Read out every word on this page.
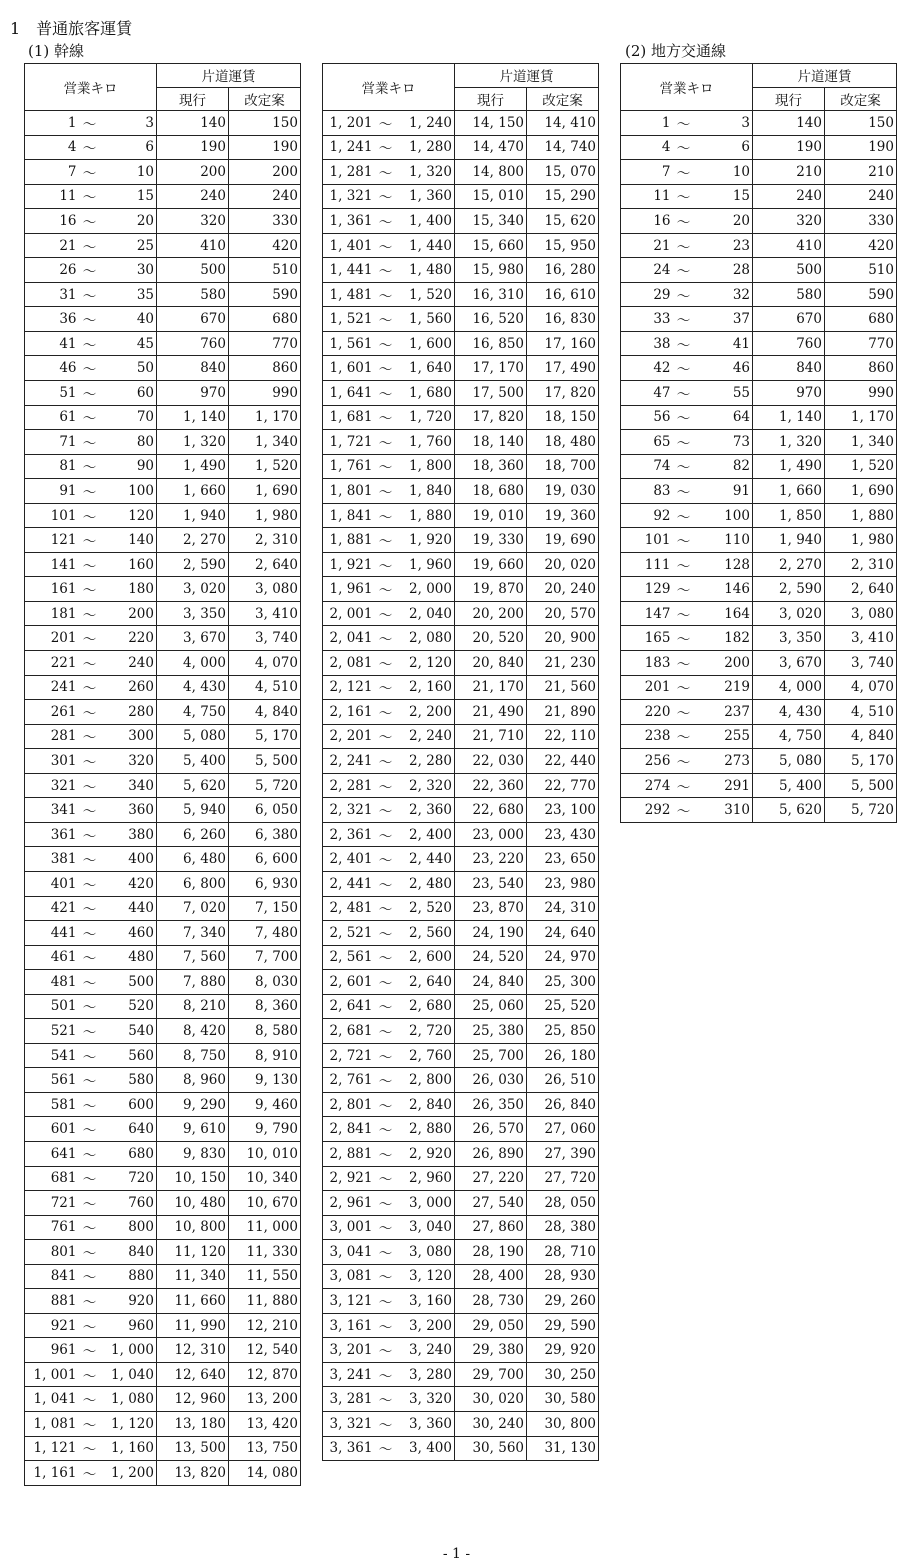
1　普通旅客運賃
(1) 幹線	(2) 地方交通線
営業キロ			片道運賃	
			現行	改定案
1	〜	3	140	150
4	〜	6	190	190
7	〜	10	200	200
11	〜	15	240	240
16	〜	20	320	330
21	〜	25	410	420
26	〜	30	500	510
31	〜	35	580	590
36	〜	40	670	680
41	〜	45	760	770
46	〜	50	840	860
51	〜	60	970	990
61	〜	70	1, 140	1, 170
71	〜	80	1, 320	1, 340
81	〜	90	1, 490	1, 520
91	〜	100	1, 660	1, 690
101	〜	120	1, 940	1, 980
121	〜	140	2, 270	2, 310
141	〜	160	2, 590	2, 640
161	〜	180	3, 020	3, 080
181	〜	200	3, 350	3, 410
201	〜	220	3, 670	3, 740
221	〜	240	4, 000	4, 070
241	〜	260	4, 430	4, 510
261	〜	280	4, 750	4, 840
281	〜	300	5, 080	5, 170
301	〜	320	5, 400	5, 500
321	〜	340	5, 620	5, 720
341	〜	360	5, 940	6, 050
361	〜	380	6, 260	6, 380
381	〜	400	6, 480	6, 600
401	〜	420	6, 800	6, 930
421	〜	440	7, 020	7, 150
441	〜	460	7, 340	7, 480
461	〜	480	7, 560	7, 700
481	〜	500	7, 880	8, 030
501	〜	520	8, 210	8, 360
521	〜	540	8, 420	8, 580
541	〜	560	8, 750	8, 910
561	〜	580	8, 960	9, 130
581	〜	600	9, 290	9, 460
601	〜	640	9, 610	9, 790
641	〜	680	9, 830	10, 010
681	〜	720	10, 150	10, 340
721	〜	760	10, 480	10, 670
761	〜	800	10, 800	11, 000
801	〜	840	11, 120	11, 330
841	〜	880	11, 340	11, 550
881	〜	920	11, 660	11, 880
921	〜	960	11, 990	12, 210
961	〜	1, 000	12, 310	12, 540
1, 001	〜	1, 040	12, 640	12, 870
1, 041	〜	1, 080	12, 960	13, 200
1, 081	〜	1, 120	13, 180	13, 420
1, 121	〜	1, 160	13, 500	13, 750
1, 161	〜	1, 200	13, 820	14, 080
営業キロ			片道運賃	
			現行	改定案
1, 201	〜	1, 240	14, 150	14, 410
1, 241	〜	1, 280	14, 470	14, 740
1, 281	〜	1, 320	14, 800	15, 070
1, 321	〜	1, 360	15, 010	15, 290
1, 361	〜	1, 400	15, 340	15, 620
1, 401	〜	1, 440	15, 660	15, 950
1, 441	〜	1, 480	15, 980	16, 280
1, 481	〜	1, 520	16, 310	16, 610
1, 521	〜	1, 560	16, 520	16, 830
1, 561	〜	1, 600	16, 850	17, 160
1, 601	〜	1, 640	17, 170	17, 490
1, 641	〜	1, 680	17, 500	17, 820
1, 681	〜	1, 720	17, 820	18, 150
1, 721	〜	1, 760	18, 140	18, 480
1, 761	〜	1, 800	18, 360	18, 700
1, 801	〜	1, 840	18, 680	19, 030
1, 841	〜	1, 880	19, 010	19, 360
1, 881	〜	1, 920	19, 330	19, 690
1, 921	〜	1, 960	19, 660	20, 020
1, 961	〜	2, 000	19, 870	20, 240
2, 001	〜	2, 040	20, 200	20, 570
2, 041	〜	2, 080	20, 520	20, 900
2, 081	〜	2, 120	20, 840	21, 230
2, 121	〜	2, 160	21, 170	21, 560
2, 161	〜	2, 200	21, 490	21, 890
2, 201	〜	2, 240	21, 710	22, 110
2, 241	〜	2, 280	22, 030	22, 440
2, 281	〜	2, 320	22, 360	22, 770
2, 321	〜	2, 360	22, 680	23, 100
2, 361	〜	2, 400	23, 000	23, 430
2, 401	〜	2, 440	23, 220	23, 650
2, 441	〜	2, 480	23, 540	23, 980
2, 481	〜	2, 520	23, 870	24, 310
2, 521	〜	2, 560	24, 190	24, 640
2, 561	〜	2, 600	24, 520	24, 970
2, 601	〜	2, 640	24, 840	25, 300
2, 641	〜	2, 680	25, 060	25, 520
2, 681	〜	2, 720	25, 380	25, 850
2, 721	〜	2, 760	25, 700	26, 180
2, 761	〜	2, 800	26, 030	26, 510
2, 801	〜	2, 840	26, 350	26, 840
2, 841	〜	2, 880	26, 570	27, 060
2, 881	〜	2, 920	26, 890	27, 390
2, 921	〜	2, 960	27, 220	27, 720
2, 961	〜	3, 000	27, 540	28, 050
3, 001	〜	3, 040	27, 860	28, 380
3, 041	〜	3, 080	28, 190	28, 710
3, 081	〜	3, 120	28, 400	28, 930
3, 121	〜	3, 160	28, 730	29, 260
3, 161	〜	3, 200	29, 050	29, 590
3, 201	〜	3, 240	29, 380	29, 920
3, 241	〜	3, 280	29, 700	30, 250
3, 281	〜	3, 320	30, 020	30, 580
3, 321	〜	3, 360	30, 240	30, 800
3, 361	〜	3, 400	30, 560	31, 130
営業キロ			片道運賃	
			現行	改定案
1	〜	3	140	150
4	〜	6	190	190
7	〜	10	210	210
11	〜	15	240	240
16	〜	20	320	330
21	〜	23	410	420
24	〜	28	500	510
29	〜	32	580	590
33	〜	37	670	680
38	〜	41	760	770
42	〜	46	840	860
47	〜	55	970	990
56	〜	64	1, 140	1, 170
65	〜	73	1, 320	1, 340
74	〜	82	1, 490	1, 520
83	〜	91	1, 660	1, 690
92	〜	100	1, 850	1, 880
101	〜	110	1, 940	1, 980
111	〜	128	2, 270	2, 310
129	〜	146	2, 590	2, 640
147	〜	164	3, 020	3, 080
165	〜	182	3, 350	3, 410
183	〜	200	3, 670	3, 740
201	〜	219	4, 000	4, 070
220	〜	237	4, 430	4, 510
238	〜	255	4, 750	4, 840
256	〜	273	5, 080	5, 170
274	〜	291	5, 400	5, 500
292	〜	310	5, 620	5, 720
- 1 -
